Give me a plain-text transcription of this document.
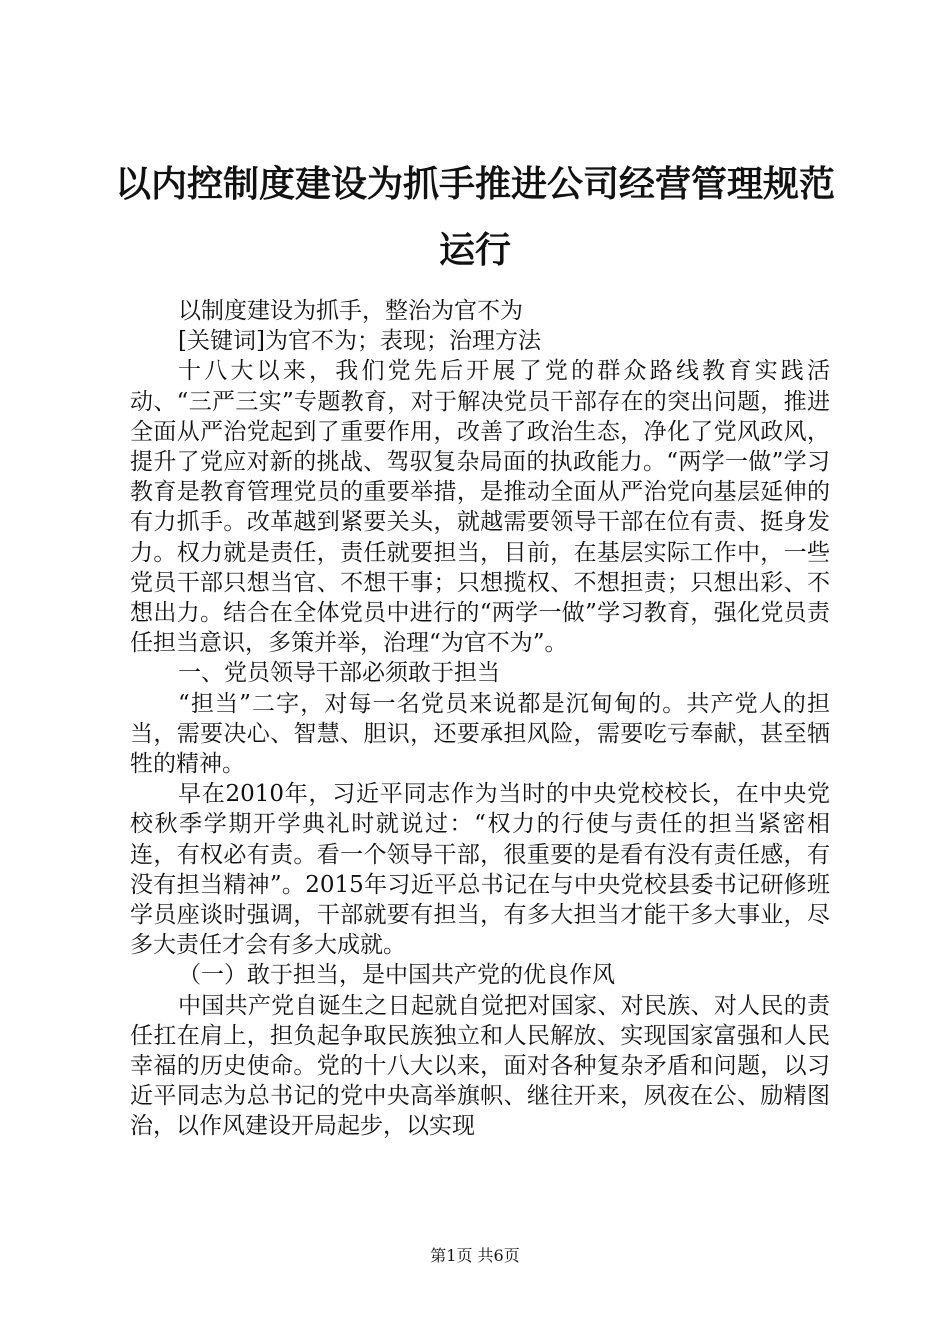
以内控制度建设为抓手推进公司经营管理规范
运行

以制度建设为抓手，整治为官不为

[关键词]为官不为；表现；治理方法

十八大以来，我们党先后开展了党的群众路线教育实践活动、“三严三实”专题教育，对于解决党员干部存在的突出问题，推进全面从严治党起到了重要作用，改善了政治生态，净化了党风政风，提升了党应对新的挑战、驾驭复杂局面的执政能力。“两学一做”学习教育是教育管理党员的重要举措，是推动全面从严治党向基层延伸的有力抓手。改革越到紧要关头，就越需要领导干部在位有责、挺身发力。权力就是责任，责任就要担当，目前，在基层实际工作中，一些党员干部只想当官、不想干事；只想揽权、不想担责；只想出彩、不想出力。结合在全体党员中进行的“两学一做”学习教育，强化党员责任担当意识，多策并举，治理“为官不为”。

一、党员领导干部必须敢于担当

“担当”二字，对每一名党员来说都是沉甸甸的。共产党人的担当，需要决心、智慧、胆识，还要承担风险，需要吃亏奉献，甚至牺牲的精神。

早在2010年，习近平同志作为当时的中央党校校长，在中央党校秋季学期开学典礼时就说过：“权力的行使与责任的担当紧密相连，有权必有责。看一个领导干部，很重要的是看有没有责任感，有没有担当精神”。2015年习近平总书记在与中央党校县委书记研修班学员座谈时强调，干部就要有担当，有多大担当才能干多大事业，尽多大责任才会有多大成就。

（一）敢于担当，是中国共产党的优良作风

中国共产党自诞生之日起就自觉把对国家、对民族、对人民的责任扛在肩上，担负起争取民族独立和人民解放、实现国家富强和人民幸福的历史使命。党的十八大以来，面对各种复杂矛盾和问题，以习近平同志为总书记的党中央高举旗帜、继往开来，夙夜在公、励精图治，以作风建设开局起步，以实现

第1页 共6页
